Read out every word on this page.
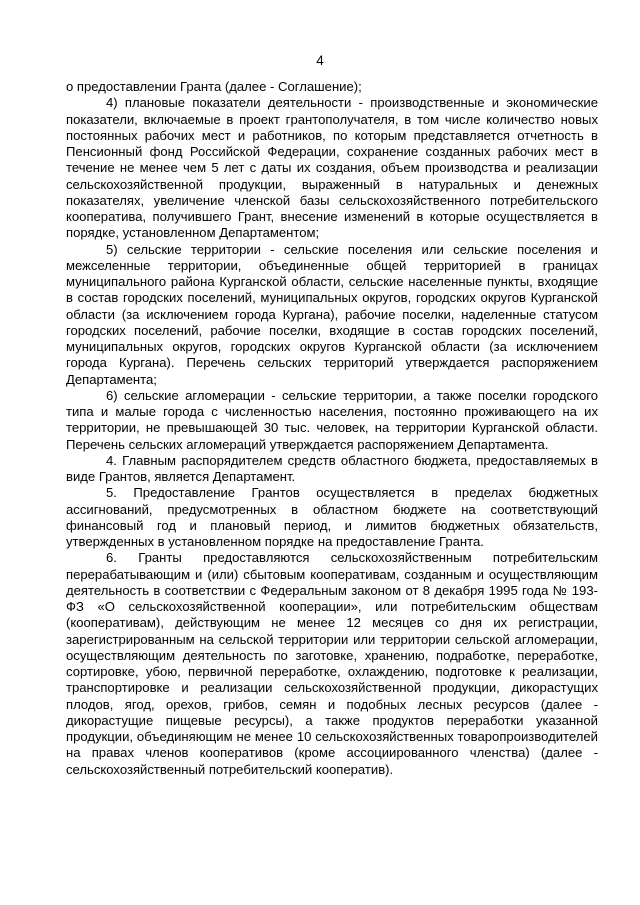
4

о предоставлении Гранта (далее - Соглашение);

4) плановые показатели деятельности - производственные и экономические показатели, включаемые в проект грантополучателя, в том числе количество новых постоянных рабочих мест и работников, по которым представляется отчетность в Пенсионный фонд Российской Федерации, сохранение созданных рабочих мест в течение не менее чем 5 лет с даты их создания, объем производства и реализации сельскохозяйственной продукции, выраженный в натуральных и денежных показателях, увеличение членской базы сельскохозяйственного потребительского кооператива, получившего Грант, внесение изменений в которые осуществляется в порядке, установленном Департаментом;

5) сельские территории - сельские поселения или сельские поселения и межселенные территории, объединенные общей территорией в границах муниципального района Курганской области, сельские населенные пункты, входящие в состав городских поселений, муниципальных округов, городских округов Курганской области (за исключением города Кургана), рабочие поселки, наделенные статусом городских поселений, рабочие поселки, входящие в состав городских поселений, муниципальных округов, городских округов Курганской области (за исключением города Кургана). Перечень сельских территорий утверждается распоряжением Департамента;

6) сельские агломерации - сельские территории, а также поселки городского типа и малые города с численностью населения, постоянно проживающего на их территории, не превышающей 30 тыс. человек, на территории Курганской области. Перечень сельских агломераций утверждается распоряжением Департамента.

4. Главным распорядителем средств областного бюджета, предоставляемых в виде Грантов, является Департамент.

5. Предоставление Грантов осуществляется в пределах бюджетных ассигнований, предусмотренных в областном бюджете на соответствующий финансовый год и плановый период, и лимитов бюджетных обязательств, утвержденных в установленном порядке на предоставление Гранта.

6. Гранты предоставляются сельскохозяйственным потребительским перерабатывающим и (или) сбытовым кооперативам, созданным и осуществляющим деятельность в соответствии с Федеральным законом от 8 декабря 1995 года № 193-ФЗ «О сельскохозяйственной кооперации», или потребительским обществам (кооперативам), действующим не менее 12 месяцев со дня их регистрации, зарегистрированным на сельской территории или территории сельской агломерации, осуществляющим деятельность по заготовке, хранению, подработке, переработке, сортировке, убою, первичной переработке, охлаждению, подготовке к реализации, транспортировке и реализации сельскохозяйственной продукции, дикорастущих плодов, ягод, орехов, грибов, семян и подобных лесных ресурсов (далее - дикорастущие пищевые ресурсы), а также продуктов переработки указанной продукции, объединяющим не менее 10 сельскохозяйственных товаропроизводителей на правах членов кооперативов (кроме ассоциированного членства) (далее - сельскохозяйственный потребительский кооператив).
